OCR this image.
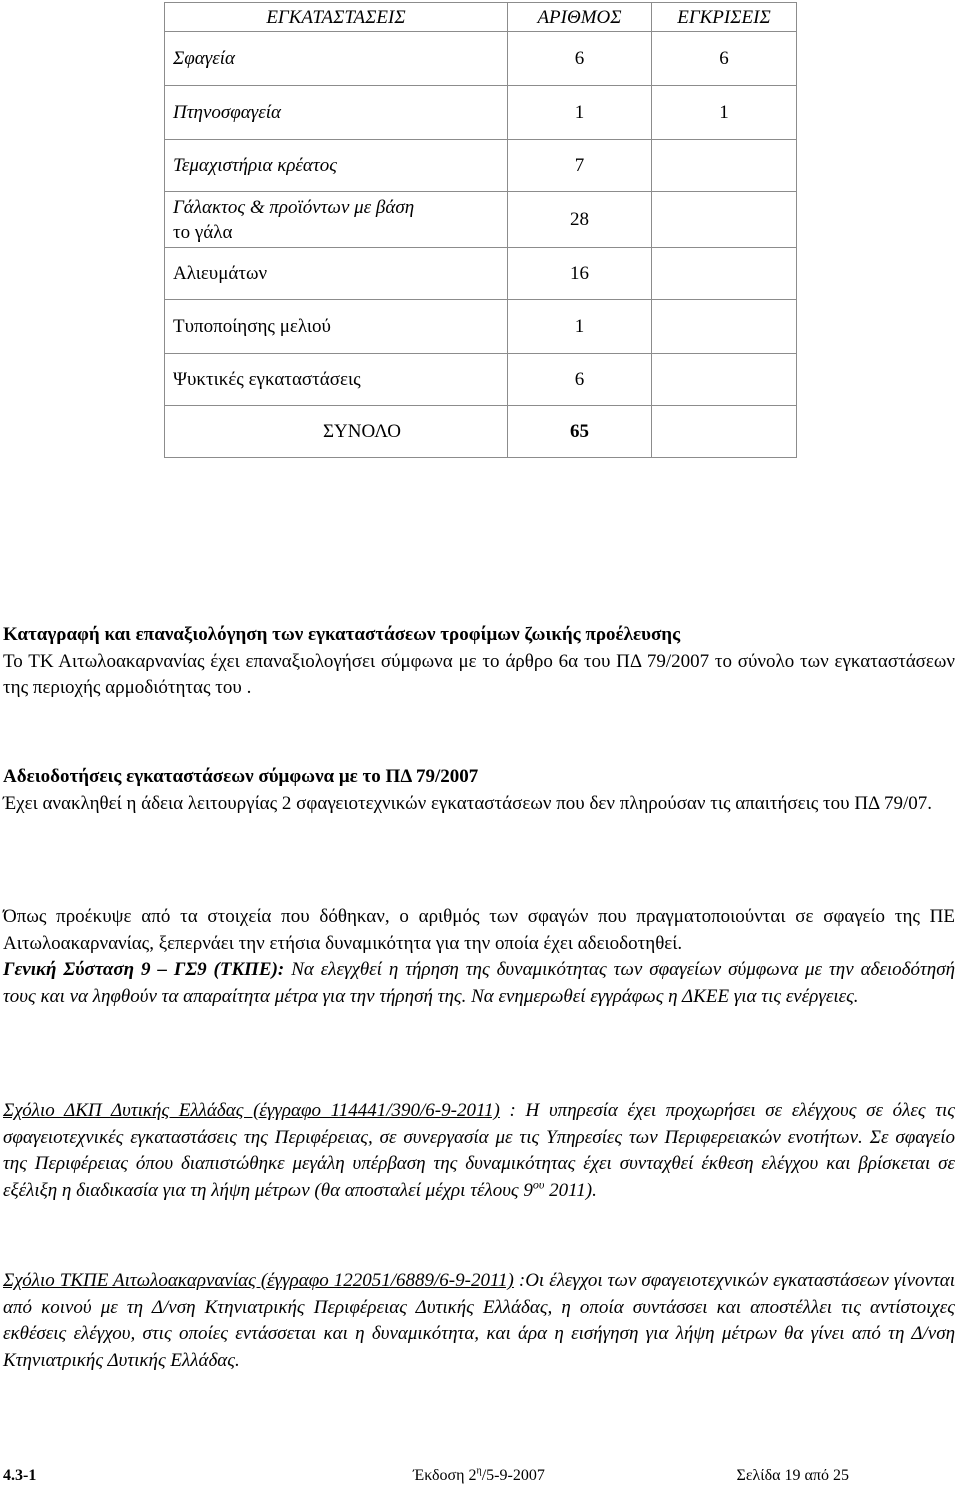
ΕΓΚΑΤΑΣΤΑΣΕΙΣ	ΑΡΙΘΜΟΣ	ΕΓΚΡΙΣΕΙΣ
Σφαγεία	6	6
Πτηνοσφαγεία	1	1
Τεμαχιστήρια κρέατος	7	

Γάλακτος & προϊόντων με βάση
το γάλα	28	
Αλιευμάτων	16	
Τυποποίησης μελιού	1	
Ψυκτικές εγκαταστάσεις	6	
ΣΥΝΟΛΟ	65	

Καταγραφή και επαναξιολόγηση των εγκαταστάσεων τροφίμων ζωικής προέλευσης

Το ΤΚ Αιτωλοακαρνανίας έχει επαναξιολογήσει σύμφωνα με το άρθρο 6α του ΠΔ 79/2007 το σύνολο των εγκαταστάσεων της περιοχής αρμοδιότητας του .

Αδειοδοτήσεις εγκαταστάσεων σύμφωνα με το ΠΔ 79/2007

Έχει ανακληθεί η άδεια λειτουργίας 2 σφαγειοτεχνικών εγκαταστάσεων που δεν πληρούσαν τις απαιτήσεις του ΠΔ 79/07.

Όπως προέκυψε από τα στοιχεία που δόθηκαν, ο αριθμός των σφαγών που πραγματοποιούνται σε σφαγείο της ΠΕ Αιτωλοακαρνανίας, ξεπερνάει την ετήσια δυναμικότητα για την οποία έχει αδειοδοτηθεί.

Γενική Σύσταση 9 – ΓΣ9 (ΤΚΠΕ): Να ελεγχθεί η τήρηση της δυναμικότητας των σφαγείων σύμφωνα με την αδειοδότησή τους και να ληφθούν τα απαραίτητα μέτρα για την τήρησή της. Να ενημερωθεί εγγράφως η ΔΚΕΕ για τις ενέργειες.

Σχόλιο ΔΚΠ Δυτικής Ελλάδας (έγγραφο 114441/390/6-9-2011) : Η υπηρεσία έχει προχωρήσει σε ελέγχους σε όλες τις σφαγειοτεχνικές εγκαταστάσεις της Περιφέρειας, σε συνεργασία με τις Υπηρεσίες των Περιφερειακών ενοτήτων. Σε σφαγείο της Περιφέρειας όπου διαπιστώθηκε μεγάλη υπέρβαση της δυναμικότητας έχει συνταχθεί έκθεση ελέγχου και βρίσκεται σε εξέλιξη η διαδικασία για τη λήψη μέτρων (θα αποσταλεί μέχρι τέλους $9^{o\upsilon}$ 2011).

Σχόλιο ΤΚΠΕ Αιτωλοακαρνανίας (έγγραφο 122051/6889/6-9-2011) :Οι έλεγχοι των σφαγειοτεχνικών εγκαταστάσεων γίνονται από κοινού με τη Δ/νση Κτηνιατρικής Περιφέρειας Δυτικής Ελλάδας, η οποία συντάσσει και αποστέλλει τις αντίστοιχες εκθέσεις ελέγχου, στις οποίες εντάσσεται και η δυναμικότητα, και άρα η εισήγηση για λήψη μέτρων θα γίνει από τη Δ/νση Κτηνιατρικής Δυτικής Ελλάδας.

4.3-1	Έκδοση $2^\eta/5-9-2007$	Σελίδα 19 από 25
